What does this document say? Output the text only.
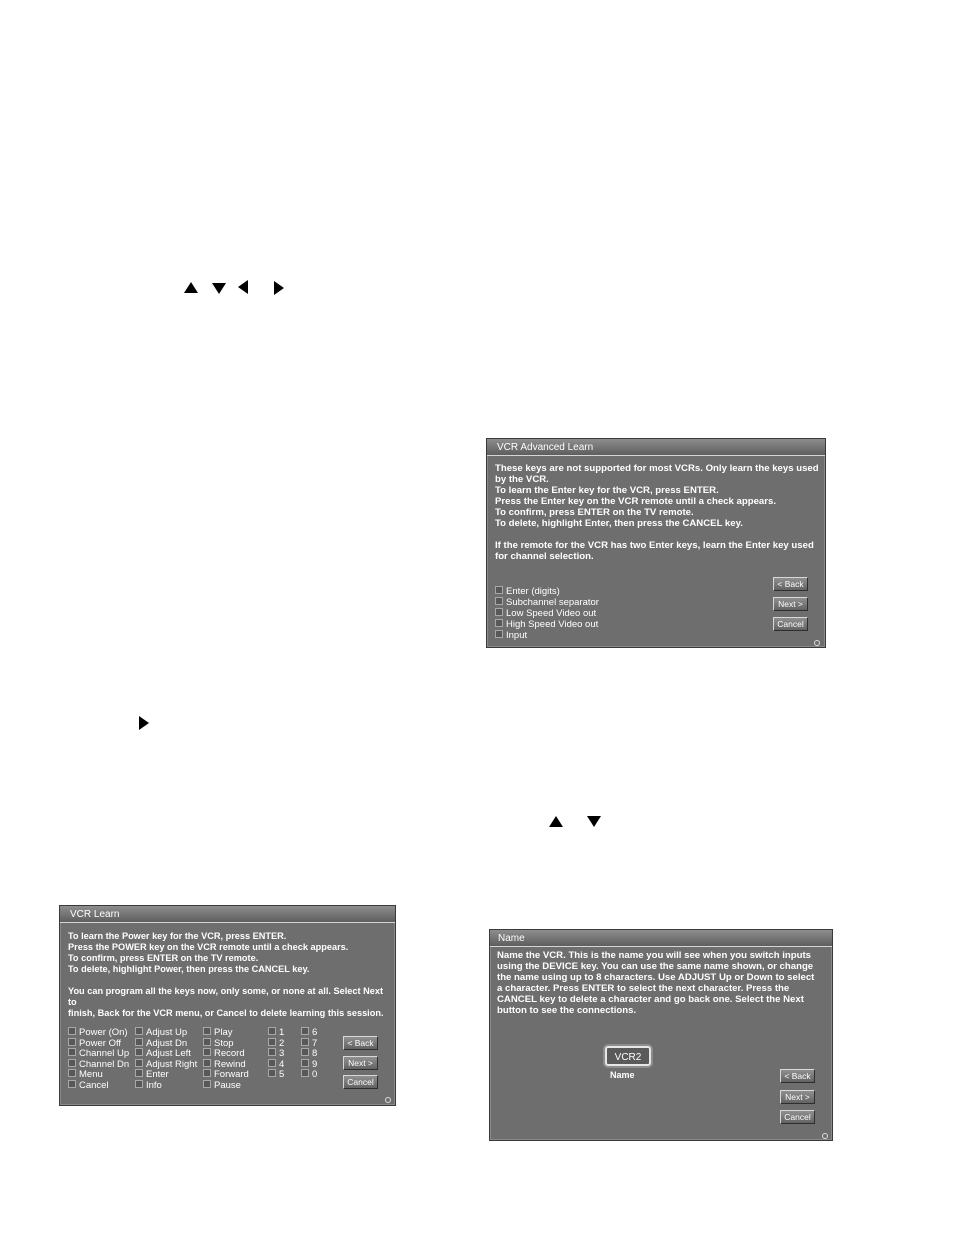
VCR Advanced Learn

These keys are not supported for most VCRs. Only learn the keys used
by the VCR.
To learn the Enter key for the VCR, press ENTER.
Press the Enter key on the VCR remote until a check appears.
To confirm, press ENTER on the TV remote.
To delete, highlight Enter, then press the CANCEL key.

If the remote for the VCR has two Enter keys, learn the Enter key used
for channel selection.

Enter (digits)
Subchannel separator
Low Speed Video out
High Speed Video out
Input
< Back
Next >
Cancel
VCR Learn

To learn the Power key for the VCR, press ENTER.
Press the POWER key on the VCR remote until a check appears.
To confirm, press ENTER on the TV remote.
To delete, highlight Power, then press the CANCEL key.

You can program all the keys now, only some, or none at all. Select Next to
finish, Back for the VCR menu, or Cancel to delete learning this session.

Power (On)
Power Off
Channel Up
Channel Dn
Menu
Cancel
Adjust Up
Adjust Dn
Adjust Left
Adjust Right
Enter
Info
Play
Stop
Record
Rewind
Forward
Pause
1
2
3
4
5
6
7
8
9
0
< Back
Next >
Cancel
Name

Name the VCR. This is the name you will see when you switch inputs
using the DEVICE key. You can use the same name shown, or change
the name using up to 8 characters. Use ADJUST Up or Down to select
a character. Press ENTER to select the next character. Press the
CANCEL key to delete a character and go back one. Select the Next
button to see the connections.

VCR2
Name	< Back
Next >
Cancel
